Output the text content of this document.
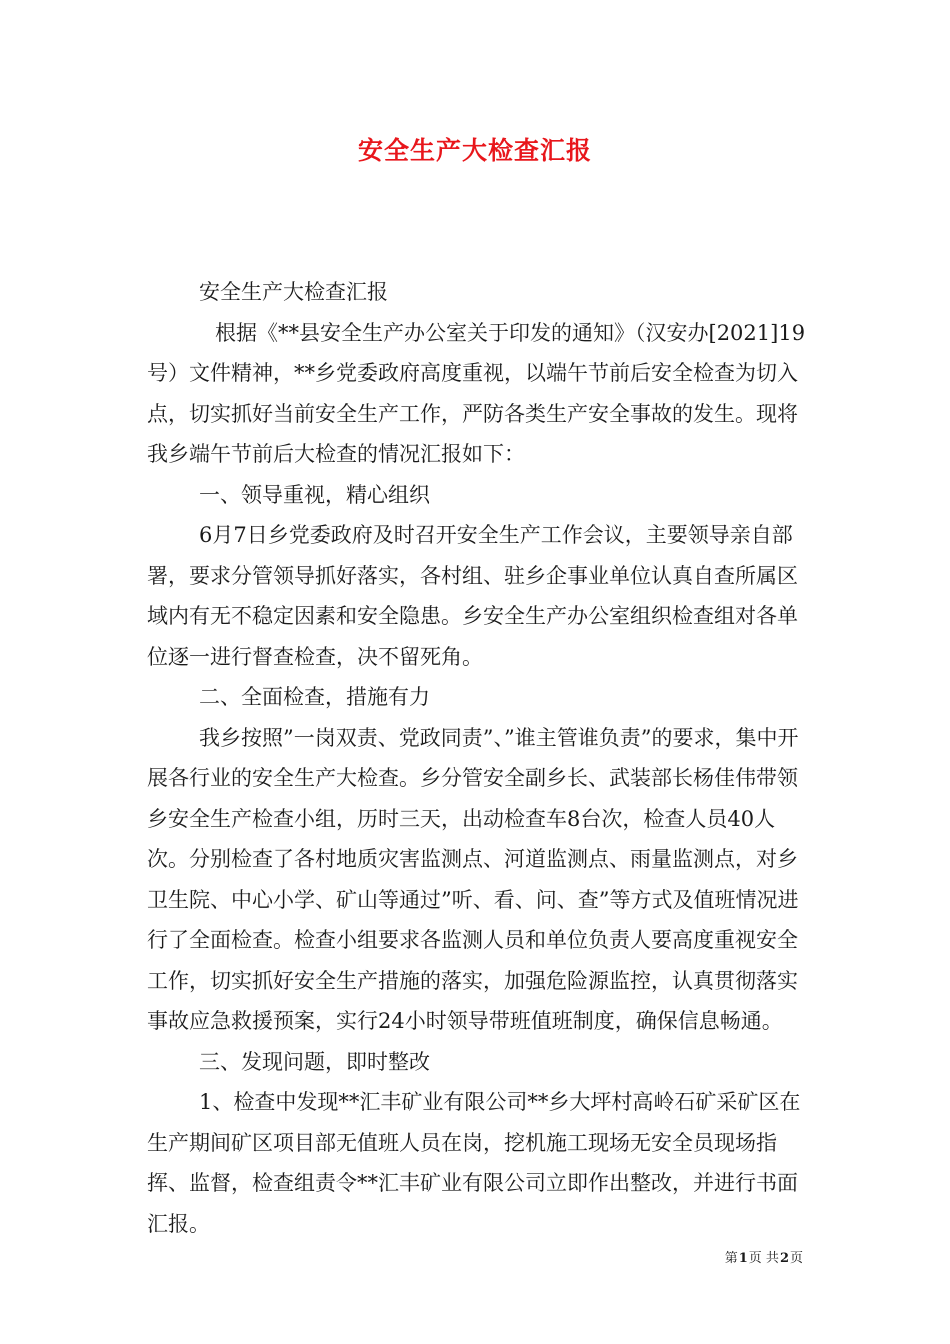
安全生产大检查汇报

安全生产大检查汇报

根据《**县安全生产办公室关于印发的通知》（汉安办[2021]19号）文件精神，**乡党委政府高度重视，以端午节前后安全检查为切入点，切实抓好当前安全生产工作，严防各类生产安全事故的发生。现将我乡端午节前后大检查的情况汇报如下：

一、领导重视，精心组织

6月7日乡党委政府及时召开安全生产工作会议，主要领导亲自部署，要求分管领导抓好落实，各村组、驻乡企事业单位认真自查所属区域内有无不稳定因素和安全隐患。乡安全生产办公室组织检查组对各单位逐一进行督查检查，决不留死角。

二、全面检查，措施有力

我乡按照”一岗双责、党政同责”、”谁主管谁负责”的要求，集中开展各行业的安全生产大检查。乡分管安全副乡长、武装部长杨佳伟带领乡安全生产检查小组，历时三天，出动检查车8台次，检查人员40人次。分别检查了各村地质灾害监测点、河道监测点、雨量监测点，对乡卫生院、中心小学、矿山等通过”听、看、问、查”等方式及值班情况进行了全面检查。检查小组要求各监测人员和单位负责人要高度重视安全工作，切实抓好安全生产措施的落实，加强危险源监控，认真贯彻落实事故应急救援预案，实行24小时领导带班值班制度，确保信息畅通。

三、发现问题，即时整改

1、检查中发现**汇丰矿业有限公司**乡大坪村高岭石矿采矿区在生产期间矿区项目部无值班人员在岗，挖机施工现场无安全员现场指挥、监督，检查组责令**汇丰矿业有限公司立即作出整改，并进行书面汇报。

第1页 共2页
